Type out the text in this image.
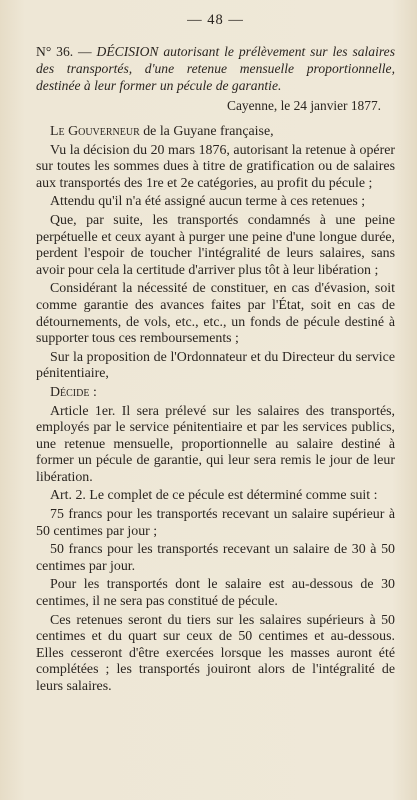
— 48 —
N° 36. — DÉCISION autorisant le prélèvement sur les salaires des transportés, d'une retenue mensuelle proportionnelle, destinée à leur former un pécule de garantie.
Cayenne, le 24 janvier 1877.

Le Gouverneur de la Guyane française,

Vu la décision du 20 mars 1876, autorisant la retenue à opérer sur toutes les sommes dues à titre de gratification ou de salaires aux transportés des 1re et 2e catégories, au profit du pécule ;

Attendu qu'il n'a été assigné aucun terme à ces retenues ;

Que, par suite, les transportés condamnés à une peine perpétuelle et ceux ayant à purger une peine d'une longue durée, perdent l'espoir de toucher l'intégralité de leurs salaires, sans avoir pour cela la certitude d'arriver plus tôt à leur libération ;

Considérant la nécessité de constituer, en cas d'évasion, soit comme garantie des avances faites par l'État, soit en cas de détournements, de vols, etc., etc., un fonds de pécule destiné à supporter tous ces remboursements ;

Sur la proposition de l'Ordonnateur et du Directeur du service pénitentiaire,

Décide :

Article 1er. Il sera prélevé sur les salaires des transportés, employés par le service pénitentiaire et par les services publics, une retenue mensuelle, proportionnelle au salaire destiné à former un pécule de garantie, qui leur sera remis le jour de leur libération.

Art. 2. Le complet de ce pécule est déterminé comme suit :

75 francs pour les transportés recevant un salaire supérieur à 50 centimes par jour ;

50 francs pour les transportés recevant un salaire de 30 à 50 centimes par jour.

Pour les transportés dont le salaire est au-dessous de 30 centimes, il ne sera pas constitué de pécule.

Ces retenues seront du tiers sur les salaires supérieurs à 50 centimes et du quart sur ceux de 50 centimes et au-dessous. Elles cesseront d'être exercées lorsque les masses auront été complétées ; les transportés jouiront alors de l'intégralité de leurs salaires.
